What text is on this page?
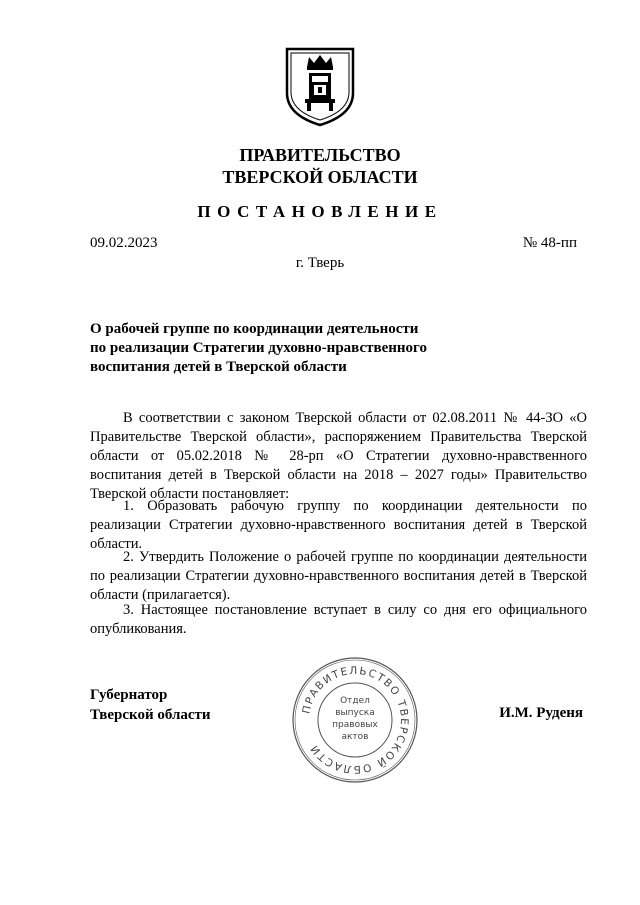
ПРАВИТЕЛЬСТВО
ТВЕРСКОЙ ОБЛАСТИ
ПОСТАНОВЛЕНИЕ
09.02.2023	№ 48-пп
г. Тверь
О рабочей группе по координации деятельности
по реализации Стратегии духовно-нравственного
воспитания детей в Тверской области
В соответствии с законом Тверской области от 02.08.2011 № 44-ЗО «О Правительстве Тверской области», распоряжением Правительства Тверской области от 05.02.2018 № 28-рп «О Стратегии духовно-нравственного воспитания детей в Тверской области на 2018 – 2027 годы» Правительство Тверской области постановляет:
1. Образовать рабочую группу по координации деятельности по реализации Стратегии духовно-нравственного воспитания детей в Тверской области.
2. Утвердить Положение о рабочей группе по координации деятельности по реализации Стратегии духовно-нравственного воспитания детей в Тверской области (прилагается).
3. Настоящее постановление вступает в силу со дня его официального опубликования.
Губернатор
Тверской области	И.М. Руденя
ПРАВИТЕЛЬСТВО ТВЕРСКОЙ ОБЛАСТИ
Отдел
выпуска
правовых
актов
